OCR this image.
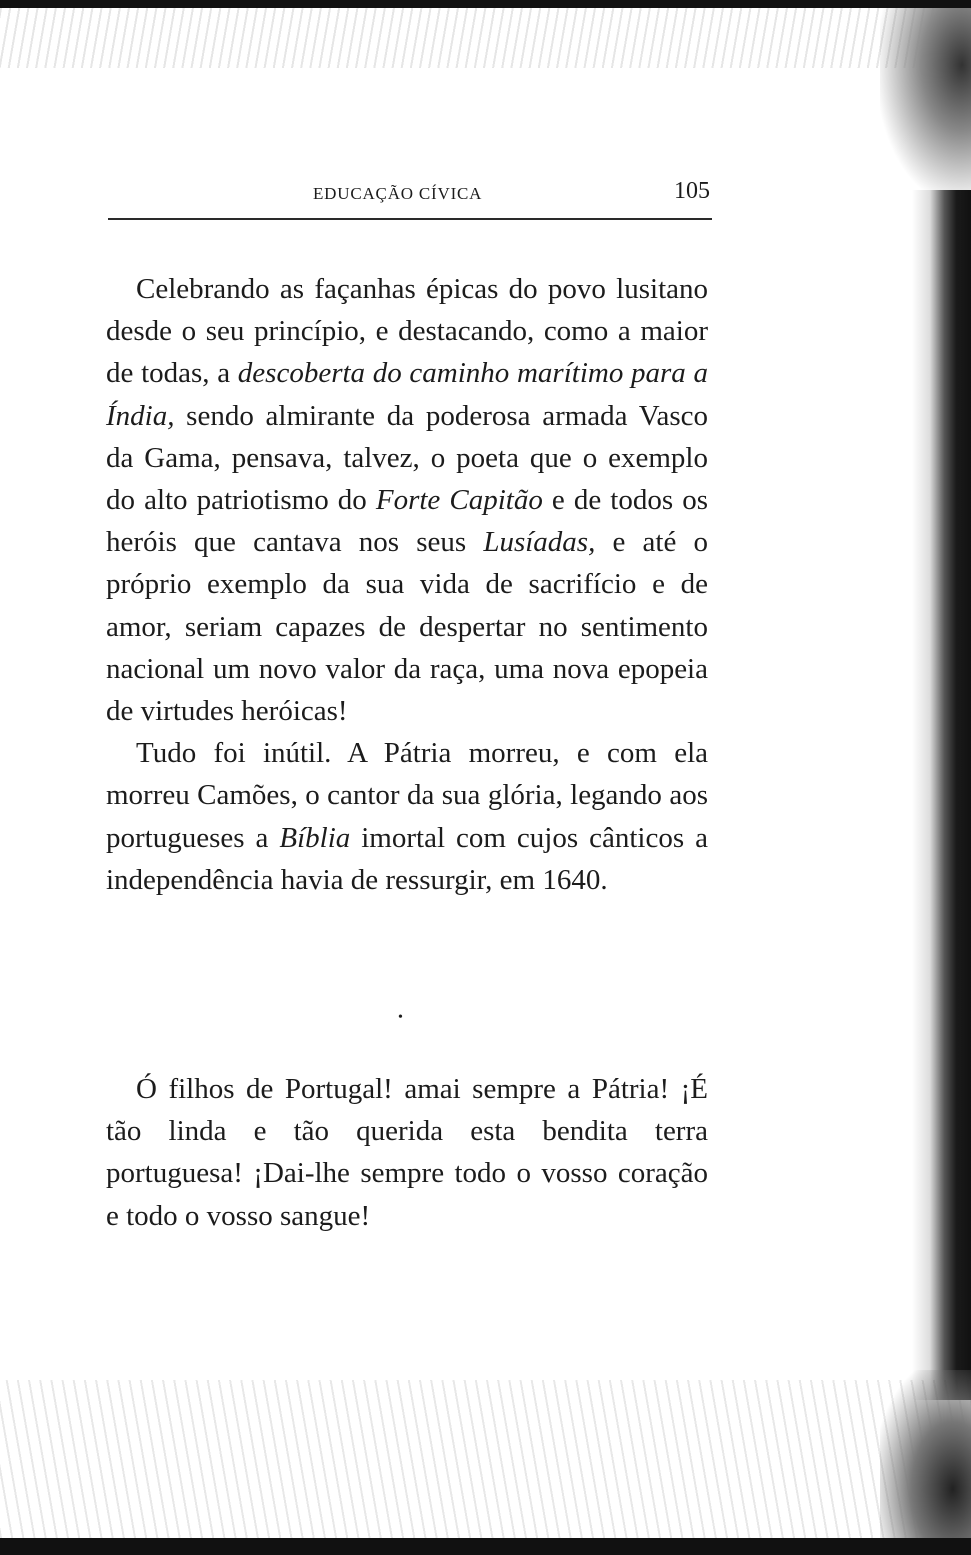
EDUCAÇÃO CÍVICA	105

Celebrando as façanhas épicas do povo lusitano desde o seu princípio, e destacando, como a maior de todas, a descoberta do caminho marítimo para a Índia, sendo almirante da poderosa armada Vasco da Gama, pensava, talvez, o poeta que o exemplo do alto patriotismo do Forte Capitão e de todos os heróis que cantava nos seus Lusíadas, e até o próprio exemplo da sua vida de sacrifício e de amor, seriam capazes de despertar no sentimento nacional um novo valor da raça, uma nova epopeia de virtudes heróicas!

Tudo foi inútil. A Pátria morreu, e com ela morreu Camões, o cantor da sua glória, legando aos portugueses a Bíblia imortal com cujos cânticos a independência havia de ressurgir, em 1640.

•

Ó filhos de Portugal! amai sempre a Pátria! ¡É tão linda e tão querida esta bendita terra portuguesa! ¡Dai-lhe sempre todo o vosso coração e todo o vosso sangue!
